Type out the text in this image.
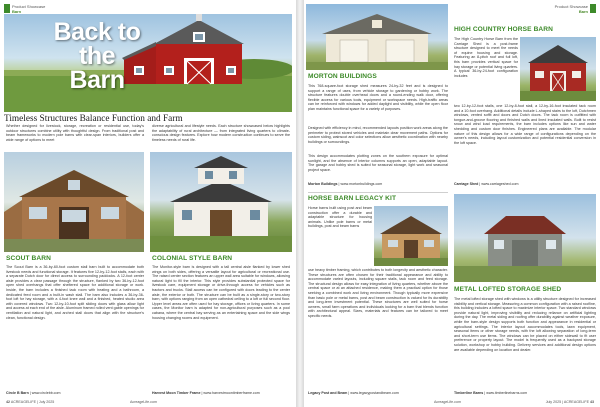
Product Showcase
Barn
Back to the Barn
Timeless Structures Balance Function and Farm
Whether designed for livestock, storage, recreation or residential use, today's outdoor structures combine utility with thoughtful design. From traditional post and beam frameworks to modern pole barns with clear-span interiors, builders offer a wide range of options to meet
diverse agricultural and lifestyle needs. Each structure showcased below highlights the adaptability of rural architecture — from integrated living quarters to climate-conscious design features. Explore how modern construction continues to serve the timeless needs of rural life.
SCOUT BARN
The Scout Barn is a 36-by-60-foot custom stall barn built to accommodate both livestock needs and functional storage. It features five 12-by-12-foot stalls, each with a separate Dutch door for direct access to surrounding paddocks. A 12-foot center aisle provides a clear passage through the structure, flanked by two 36-by-12-foot open shed overhangs that offer sheltered space for additional storage or work. Inside, the barn includes a finished tack room with heating and a bathroom, a dedicated feed room and a built-in wash stall. The barn also includes a 36-by-36-foot loft for hay storage, with a 4-foot knee wall and a finished, heated studio area with covered windows. Two 12-by-10-foot split sliding doors with glass allow light and access at each end of the aisle. Aluminum framed rolled vent gable openings for ventilation and natural light, and arched stall doors that align with the structure's clean, functional design.
Circle B Barn | www.circlebb.com
COLONIAL STYLE BARN
The Monitor-style barn is designed with a tall central aisle flanked by lower shed wings on both sides, offering a versatile layout for agricultural or recreational use. The raised center section features an upper wall area suitable for windows, allowing natural light to fill the interior. This style provides substantial protected space for livestock care, equipment storage or drive-through access for vehicles such as tractors and trucks. Stall access can be configured with doors leading to the center aisle, the exterior or both. The structure can be built as a single-story or two-story barn, with options ranging from an open cathedral ceiling to a loft or full second floor. Upper level areas are often used for hay storage, offices or living quarters. In some cases, the Monitor barn is adapted for non-agricultural purposes such as a pool cabana, where the central bay serving as an entertaining space and the side wings housing changing rooms and equipment.
Harvest Moon Timber Frame | www.harvestmoontimberframe.com
42 ACREAGELIFE | July 2025	AcreageLife.com
Product Showcase
Barn
MORTON BUILDINGS
This 768-square-foot storage shed measures 24-by-32 feet and is designed to support a range of uses, from vehicle storage to gardening or hobby work. The structure features double overhead doors and a round-ending walk door, offering flexible access for various tools, equipment or workspace needs. High-traffic areas can be reinforced with windows for added daylight and visibility, while the open floor plan maintains functional space for a variety of purposes.
Designed with efficiency in mind, recommended layouts position work areas along the perimeter to protect stored vehicles and maintain clear movement paths. Options for custom siding, wainscot and color selections allow aesthetic coordination with nearby buildings or surroundings.
This design accommodates plotting zones on the southern exposure for optimal sunlight, and the absence of interior columns supports an open, adaptable layout. The garage and hobby shed is suited for seasonal storage, light work and seasonal project space.
Morton Buildings | www.mortonbuildings.com
HORSE BARN LEGACY KIT
Horse barns built using post and beam construction offer a durable and adaptable structure for housing animals. Unlike pole barns or metal buildings, post and beam barns
use heavy timber framing, which contributes to both longevity and aesthetic character. These structures are often chosen for their traditional appearance and ability to accommodate varied layouts, including square stalls, tack room and feed storage. The structural design allows for easy integration of living quarters, whether above the central space or at an attached residence, making them a practical option for those seeking a combined work and living environment. Though typically more expensive than basic pole or metal barns, post and beam construction is valued for its durability and long-term investment potential. These structures are well suited for horse owners, small farm operations and individuals looking for a barn that blends function with architectural appeal. Sizes, materials and features can be tailored to meet specific needs.
Legacy Post and Beam | www.legacypostandbeam.com
HIGH COUNTRY HORSE BARN
The High Country Horse Barn from the Carriage Shed is a post-frame structure designed to meet the needs of equine housing and storage. Featuring an 8-pitch roof and full loft, this barn provides vertical space for hay storage or potential living quarters. A typical 36-by-24-foot configuration includes
two 12-by-12-foot stalls, one 12-by-8-foot stall, a 12-by-16-foot insulated tack room and a 10-foot overhang. Additional details include L-shaped stairs to the loft, Dutchmen windows, vented soffit and doors and Dutch doors. The tack room is outfitted with tongue-and-groove flooring and finished walls and lined insulated walls. Built to resist snow and wind load requirements, the barn includes options like sun and water shedding and custom door finishes. Engineered plans are available. The modular nature of this design allows for a wide range of configurations depending on the owner's needs, including layout customization and potential residential conversion in the loft space.
Carriage Shed | www.carriageshed.com
METAL LOFTED STORAGE SHED
The metal lofted storage shed with windows is a utility structure designed for increased visibility and vertical storage. Measuring a common configuration with a raised roofline, this building includes a lofted space to maximize interior space. Two standard windows provide natural light, improving visibility and reducing reliance on artificial lighting during the day. The metal siding and roofing offer durability against weather exposure, while the barn-style design supports both function and appearance in residential or agricultural settings. The interior layout accommodates tools, lawn equipment, seasonal items or other storage needs, with the loft allowing separation of long-term and short-term use items. The windows can be placed on either sidewall to fit user preference or property layout. The model is frequently used as a backyard storage solution, workshop or hobby building. Delivery services and additional design options are available depending on location and dealer.
Timberline Barns | www.timberlinebarns.com
AcreageLife.com	July 2025 | ACREAGELIFE 43
